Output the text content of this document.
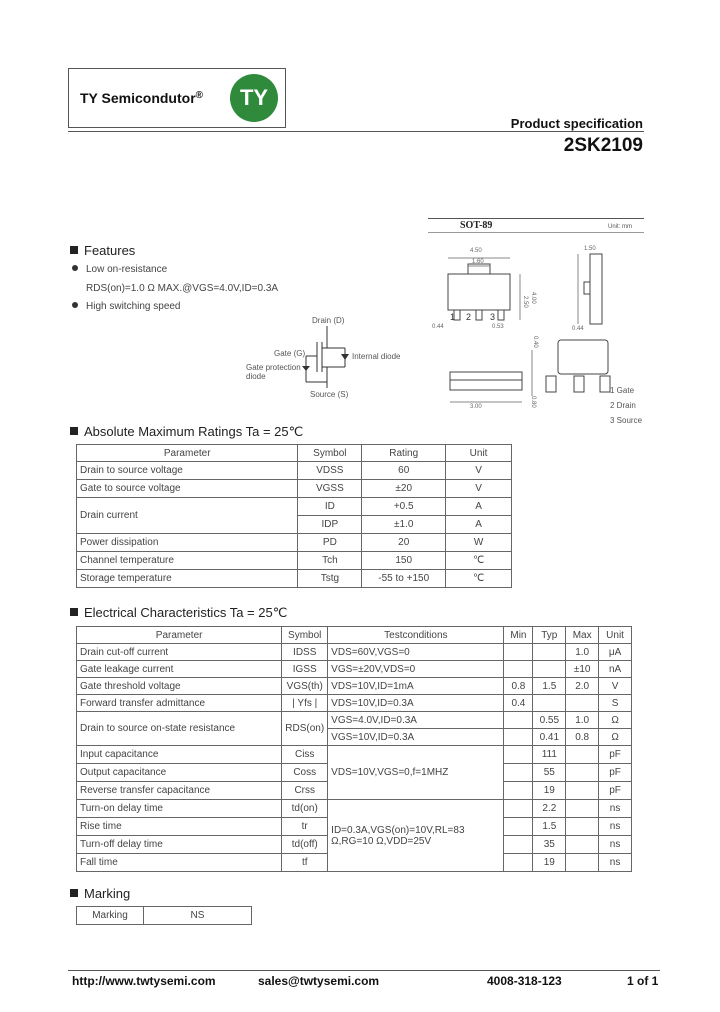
TY Semicondutor®	TY
Product specification
2SK2109
Features
Low on-resistance
RDS(on)=1.0 Ω MAX.@VGS=4.0V,ID=0.3A
High switching speed
Drain (D)
Internal diode
Gate (G)
Gate protection
diode
Source (S)
SOT-89	Unit: mm
4.50
1.60
2.50 4.00
0.44	0.53	0.44
1.50
0.40
3.00	0.80
1 2 3
1 Gate
2 Drain
3 Source
Absolute Maximum Ratings Ta = 25℃
Parameter	Symbol	Rating	Unit
Drain to source voltage	VDSS	60	V
Gate to source voltage	VGSS	±20	V
Drain current	ID	+0.5	A
	IDP	±1.0	A
Power dissipation	PD	20	W
Channel temperature	Tch	150	℃
Storage temperature	Tstg	-55 to +150	℃
Electrical Characteristics Ta = 25℃
Parameter	Symbol	Testconditions	Min	Typ	Max	Unit
Drain cut-off current	IDSS	VDS=60V,VGS=0			1.0	μA
Gate leakage current	IGSS	VGS=±20V,VDS=0			±10	nA
Gate threshold voltage	VGS(th)	VDS=10V,ID=1mA	0.8	1.5	2.0	V
Forward transfer admittance	| Yfs |	VDS=10V,ID=0.3A	0.4			S
Drain to source on-state resistance	RDS(on)	VGS=4.0V,ID=0.3A		0.55	1.0	Ω
		VGS=10V,ID=0.3A		0.41	0.8	Ω
Input capacitance	Ciss	VDS=10V,VGS=0,f=1MHZ		111		pF
Output capacitance	Coss			55		pF
Reverse transfer capacitance	Crss			19		pF
Turn-on delay time	td(on)	ID=0.3A,VGS(on)=10V,RL=83 Ω,RG=10 Ω,VDD=25V		2.2		ns
Rise time	tr			1.5		ns
Turn-off delay time	td(off)			35		ns
Fall time	tf			19		ns
Marking
Marking	NS
http://www.twtysemi.com	sales@twtysemi.com	4008-318-123	1 of 1
